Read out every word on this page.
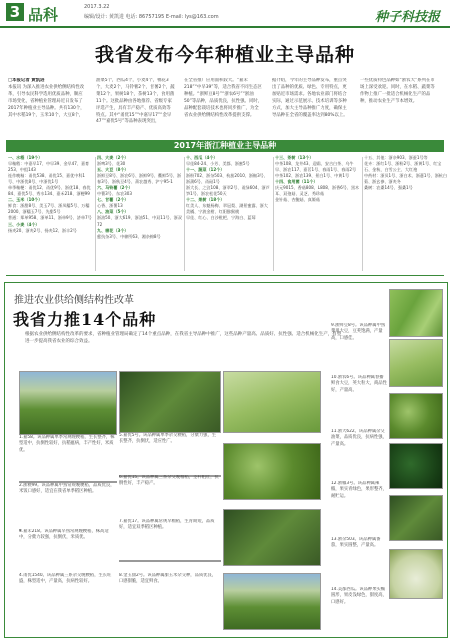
3 品科	2017.3.22
编辑/设计: 黄凯进 电话: 86757195 E-mail: lys@163.com	种子科技报
我省发布今年种植业主导品种
□本报记者 黄凯进
本报讯 为深入推进农业供给侧结构性改革，引导农民科学选用优质品种，顺应市场变化，省种植业管理局近日发布了2017年种植业主导品种。共有130个，其中水稻19个，玉米10个，大豆8个，
油菜5个，西瓜4个，小麦4个，棉花3个，大麦2个，马铃薯2个，甘薯2个，蔬菜12个，果树18个，茶树13个，食用菌11个。这批品种由各地推荐、省级专家评选产生，具有丰产稳产、优质高效等特点。其中“甬优15”“中嘉早17”“金早47”“嘉优5号”等品种表现突出，
在全省推广应用面积较大。“嘉禾218”“中早39”等，适合我省不同生态区种植。“浙鲜豆8号”“浙农6号”“浙油50”等品种，品质优良，抗性强。同时，品种配套栽培技术也将同步推广，为全省农业供给侧结构性改革提供支撑。
据介绍，今年的主导品种发布，重点突出了品种的优质、绿色、专用特点，更加贴近市场需求。各地农业部门将结合实际，通过示范展示、技术培训等多种方式，加大主导品种推广力度，确保主导品种在全省的覆盖率达到80%以上。
一些优质特色品种如“浙农大”系列在市场上深受欢迎。同时，在水稻、蔬菜等作物上推广一批适合机械化生产的品种，推动农业生产节本增效。
2017年浙江种植业主导品种
一、水稻（19个）
早籼稻：中嘉早17、中早39、金早47、嘉育253、中组143
连作晚籼：甬优538、甬优15、嘉优中科1号、中浙优8号、中浙优1号
单季籼粳：甬优12、甬优9号、浙优18、春优84、嘉优5号、秀水134、嘉禾218、浙粳99
二、玉米（10个）
鲜食：浙甜8号、美玉7号、浙凤糯5号、万糯2000、浙糯玉7号、先甜5号
普通：郑单958、浙单11、浙单9号、济单7号
三、小麦（4个）
扬麦20、浙麦2号、扬麦12、浙丰2号
四、大麦（2个）
浙啤3号、花30
五、大豆（8个）
浙鲜豆8号、浙农6号、浙鲜9号、衢鲜5号、浙春3号、浙秋豆4号、萧农越秀、沪宁95-1
六、马铃薯（2个）
中薯3号、东农303
七、甘薯（2个）
心香、浙薯13
八、油菜（5个）
浙油50、浙大619、浙油51、中双11号、浙双72
九、棉花（3个）
慈抗杂3号、中棉所63、湘杂棉8号
十、西瓜（4个）
早佳84-24、小芳、美都、浙蜜5号
十一、蔬菜（12个）
浙粉702、浙杂503、杭茄2010、浙椒3号、浙蒲6号、甬砧1号
浙大长、之豇108、浙翠2号、甬绿604、浙芦笋1号、浙农松花50天
十二、果树（18个）
红美人、东魁杨梅、翠冠梨、湖景蜜露、浙大美橘、宁波金柑、红阳猕猴桃
早佳、红心、白沙枇杷、宁海白、蓝莓
十三、茶树（13个）
中茶108、龙井43、迎霜、安吉白茶、乌牛早、浙农117、嘉茗1号、春雨1号、春雨2号
中茶102、浙农139、景白1号、中黄1号
十四、食用菌（11个）
庆元9015、香菇808、L808、浙香6号、黑木耳、双孢菇、灵芝、秀珍菇
金针菇、杏鲍菇、真姬菇
十五、其他：浙杂903、浙蚕1号等
花卉：浙红1号、浙粉2号、浙黄1号、红宝石、金秋、白雪公主、大红袍
中药材：浙贝1号、浙白术、浙薏1号、浙杭白菊、浙玄参、浙麦冬
桑树：农桑14号、强桑1号
推进农业供给侧结构性改革
我省力推14个品种
根据农业供给侧结构性改革的要求，省种植业管理局确定了14个重点品种，在我省主导品种中推广，这些品种产量高、品质好、抗性强、适合机械化生产，有望进一步提高我省农业的综合效益。
1.嘉58。该品种属单季常规晚粳稻，生长整齐，株型适中，抗倒性较好，抗稻瘟病，丰产性好，米质优。
2.浙粳99。该品种属中熟常规晚粳稻，品质优良，米饭口感好，适宜在我省单季稻区种植。
3.嘉禾218。该品种属早熟常规晚粳稻，株高适中，分蘖力较强，抗倒伏，米质优。
4.甬优1540。该品种属三系杂交晚粳稻，生长旺盛，株型适中，产量高，抗病性较好。
5.嘉优5号。该品种属单季杂交粳稻，分蘖力强，生长整齐，抗倒伏，适应性广。
6.嘉优15。该品种属三系杂交晚籼稻，茎秆粗壮，抗倒性好，丰产稳产。
7.嘉优17。该品种属常规早籼稻，生育期短，品质好，适宜双季稻区种植。
8.金玉甜2号。该品种属甜玉米杂交种，品质优良，口感甜脆，适宜鲜食。
9.浙鲜豆8号。该品种属中熟菜用大豆，豆荚饱满，产量高，口感佳。
10.浙农6号。该品种属春播鲜食大豆，荚大粒大，商品性好，产量高。
11.浙大622。该品种属杂交油菜，品质优良，抗病性强，产量高。
12.浙椒3号。该品种属辣椒，果实青绿色，果形整齐，耐贮运。
13.浙杂503。该品种属番茄，果实圆整，产量高。
14.美都西瓜。该品种果实椭圆形，果皮浅绿色，甜度高，口感好。
